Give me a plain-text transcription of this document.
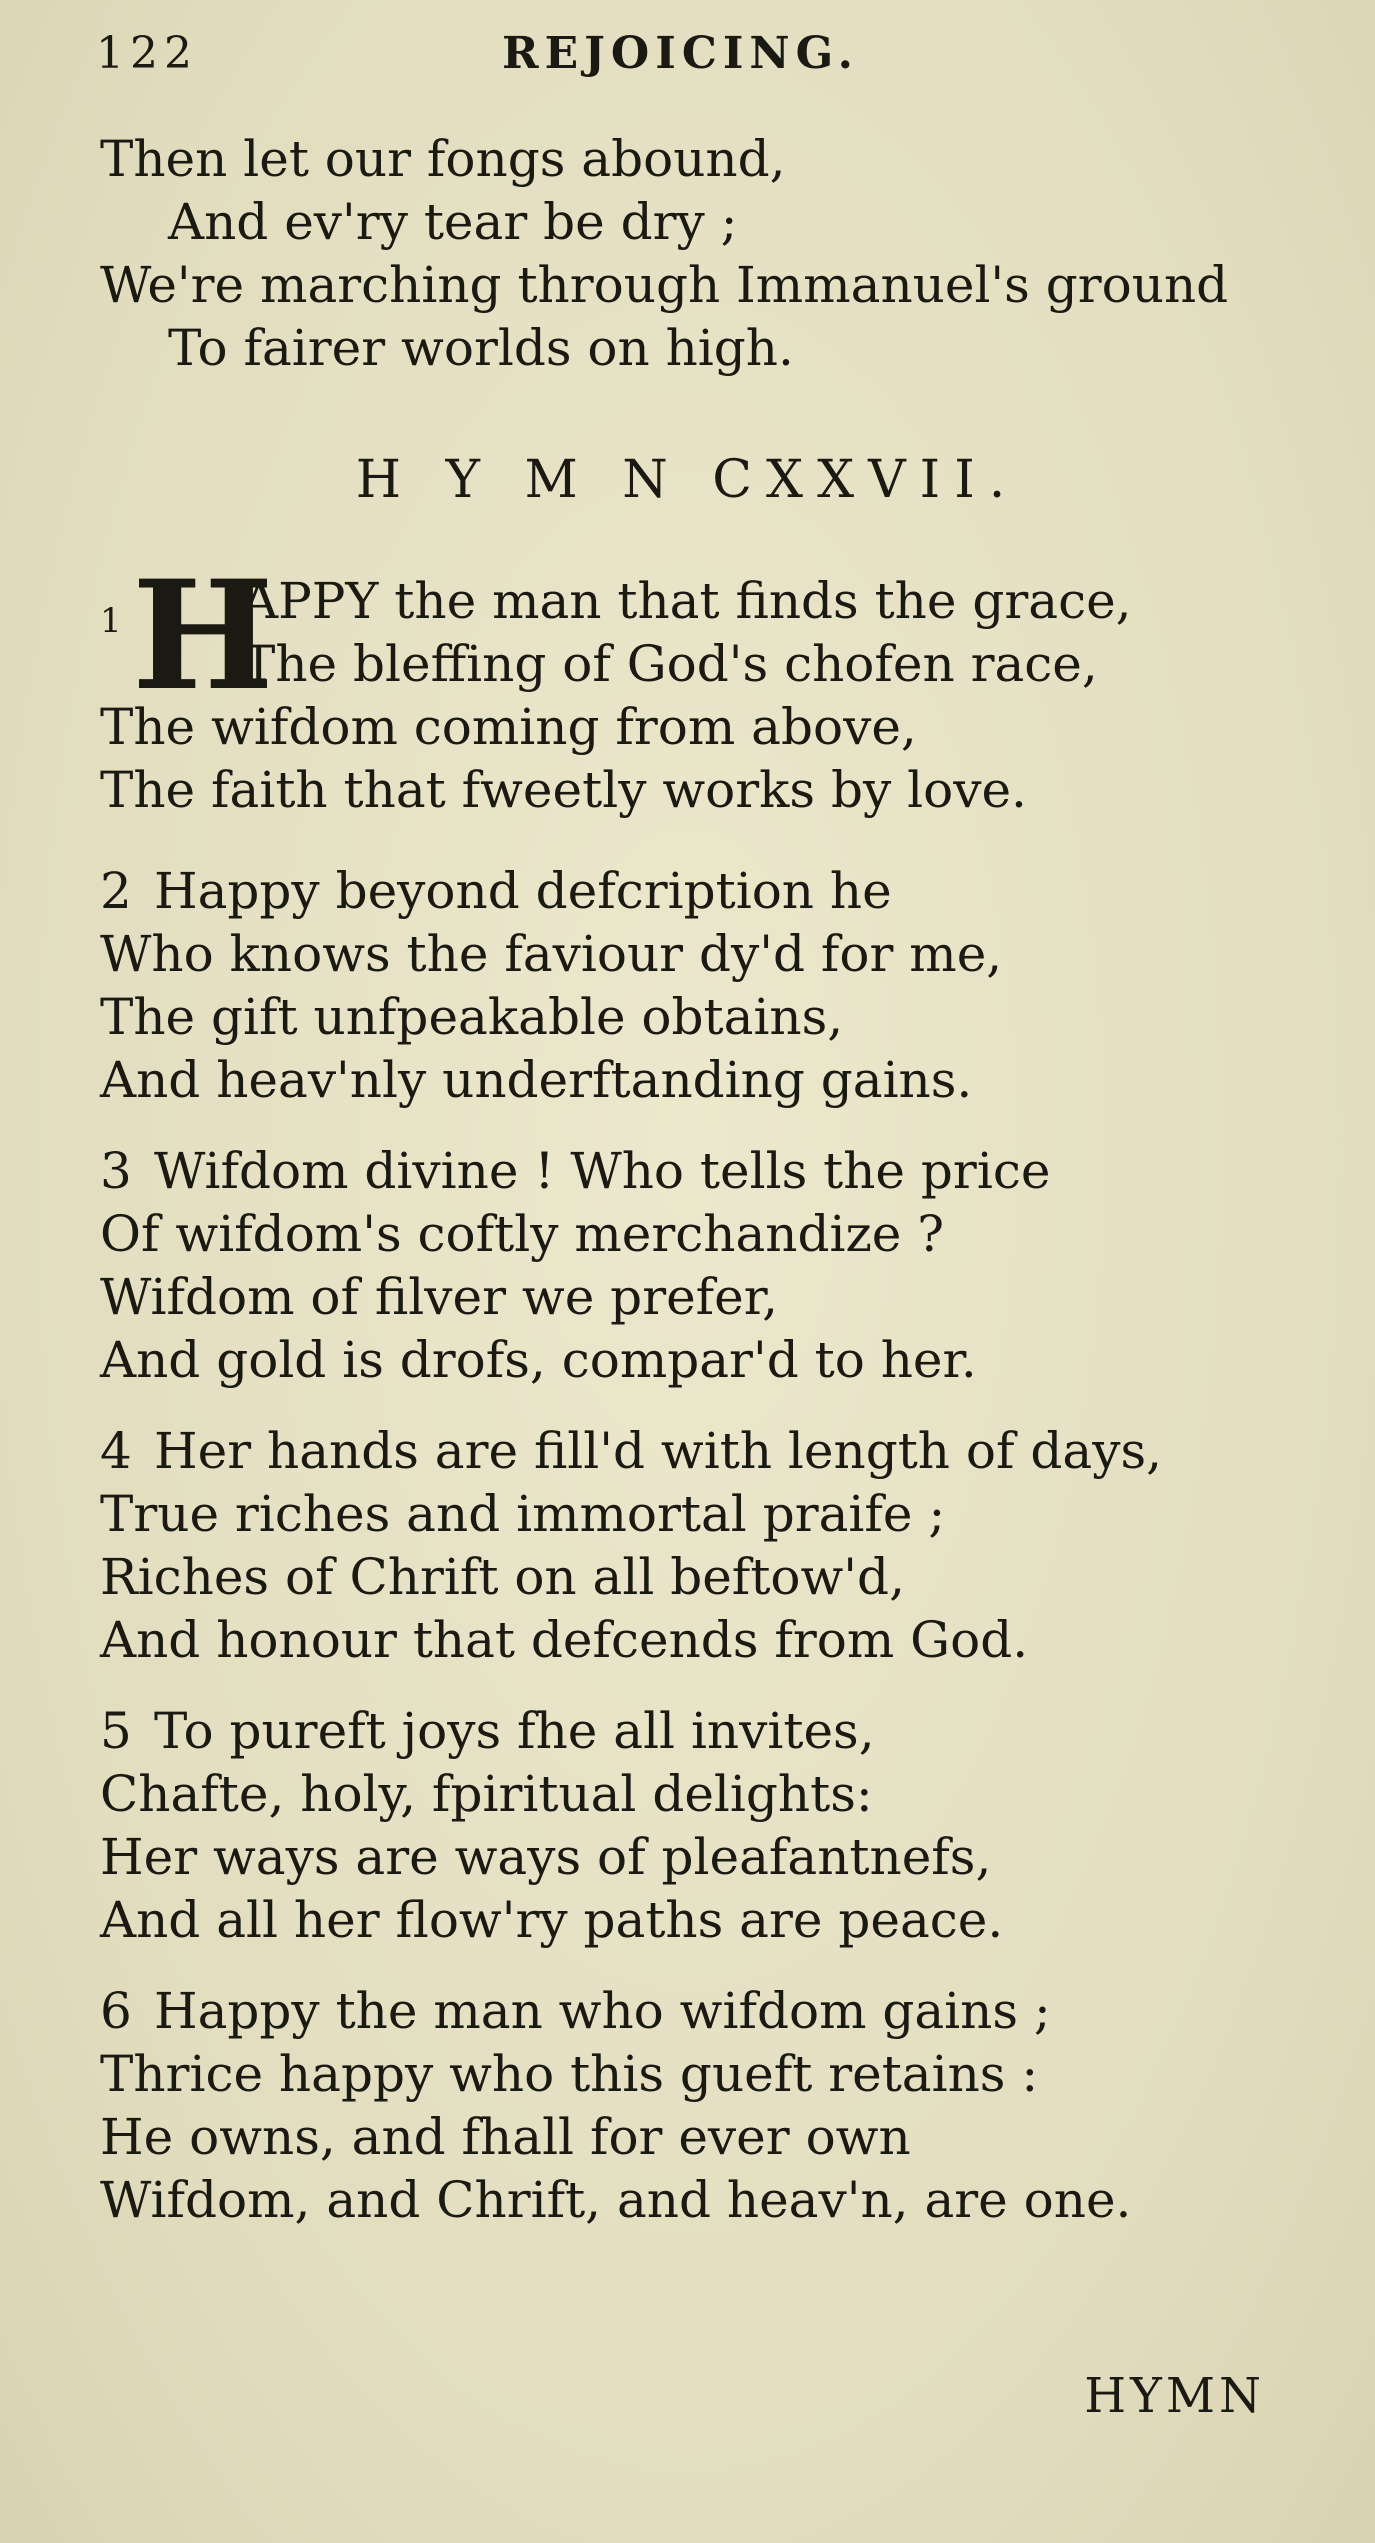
122	REJOICING.
Then let our fongs abound,
And ev'ry tear be dry ;
We're marching through Immanuel's ground
To fairer worlds on high.
H Y M N CXXVII.
1 H
APPY the man that finds the grace,
The bleffing of God's chofen race,
The wifdom coming from above,
The faith that fweetly works by love.
2 Happy beyond defcription he
Who knows the faviour dy'd for me,
The gift unfpeakable obtains,
And heav'nly underftanding gains.
3 Wifdom divine ! Who tells the price
Of wifdom's coftly merchandize ?
Wifdom of filver we prefer,
And gold is drofs, compar'd to her.
4 Her hands are fill'd with length of days,
True riches and immortal praife ;
Riches of Chrift on all beftow'd,
And honour that defcends from God.
5 To pureft joys fhe all invites,
Chafte, holy, fpiritual delights:
Her ways are ways of pleafantnefs,
And all her flow'ry paths are peace.
6 Happy the man who wifdom gains ;
Thrice happy who this gueft retains :
He owns, and fhall for ever own
Wifdom, and Chrift, and heav'n, are one.
HYMN
